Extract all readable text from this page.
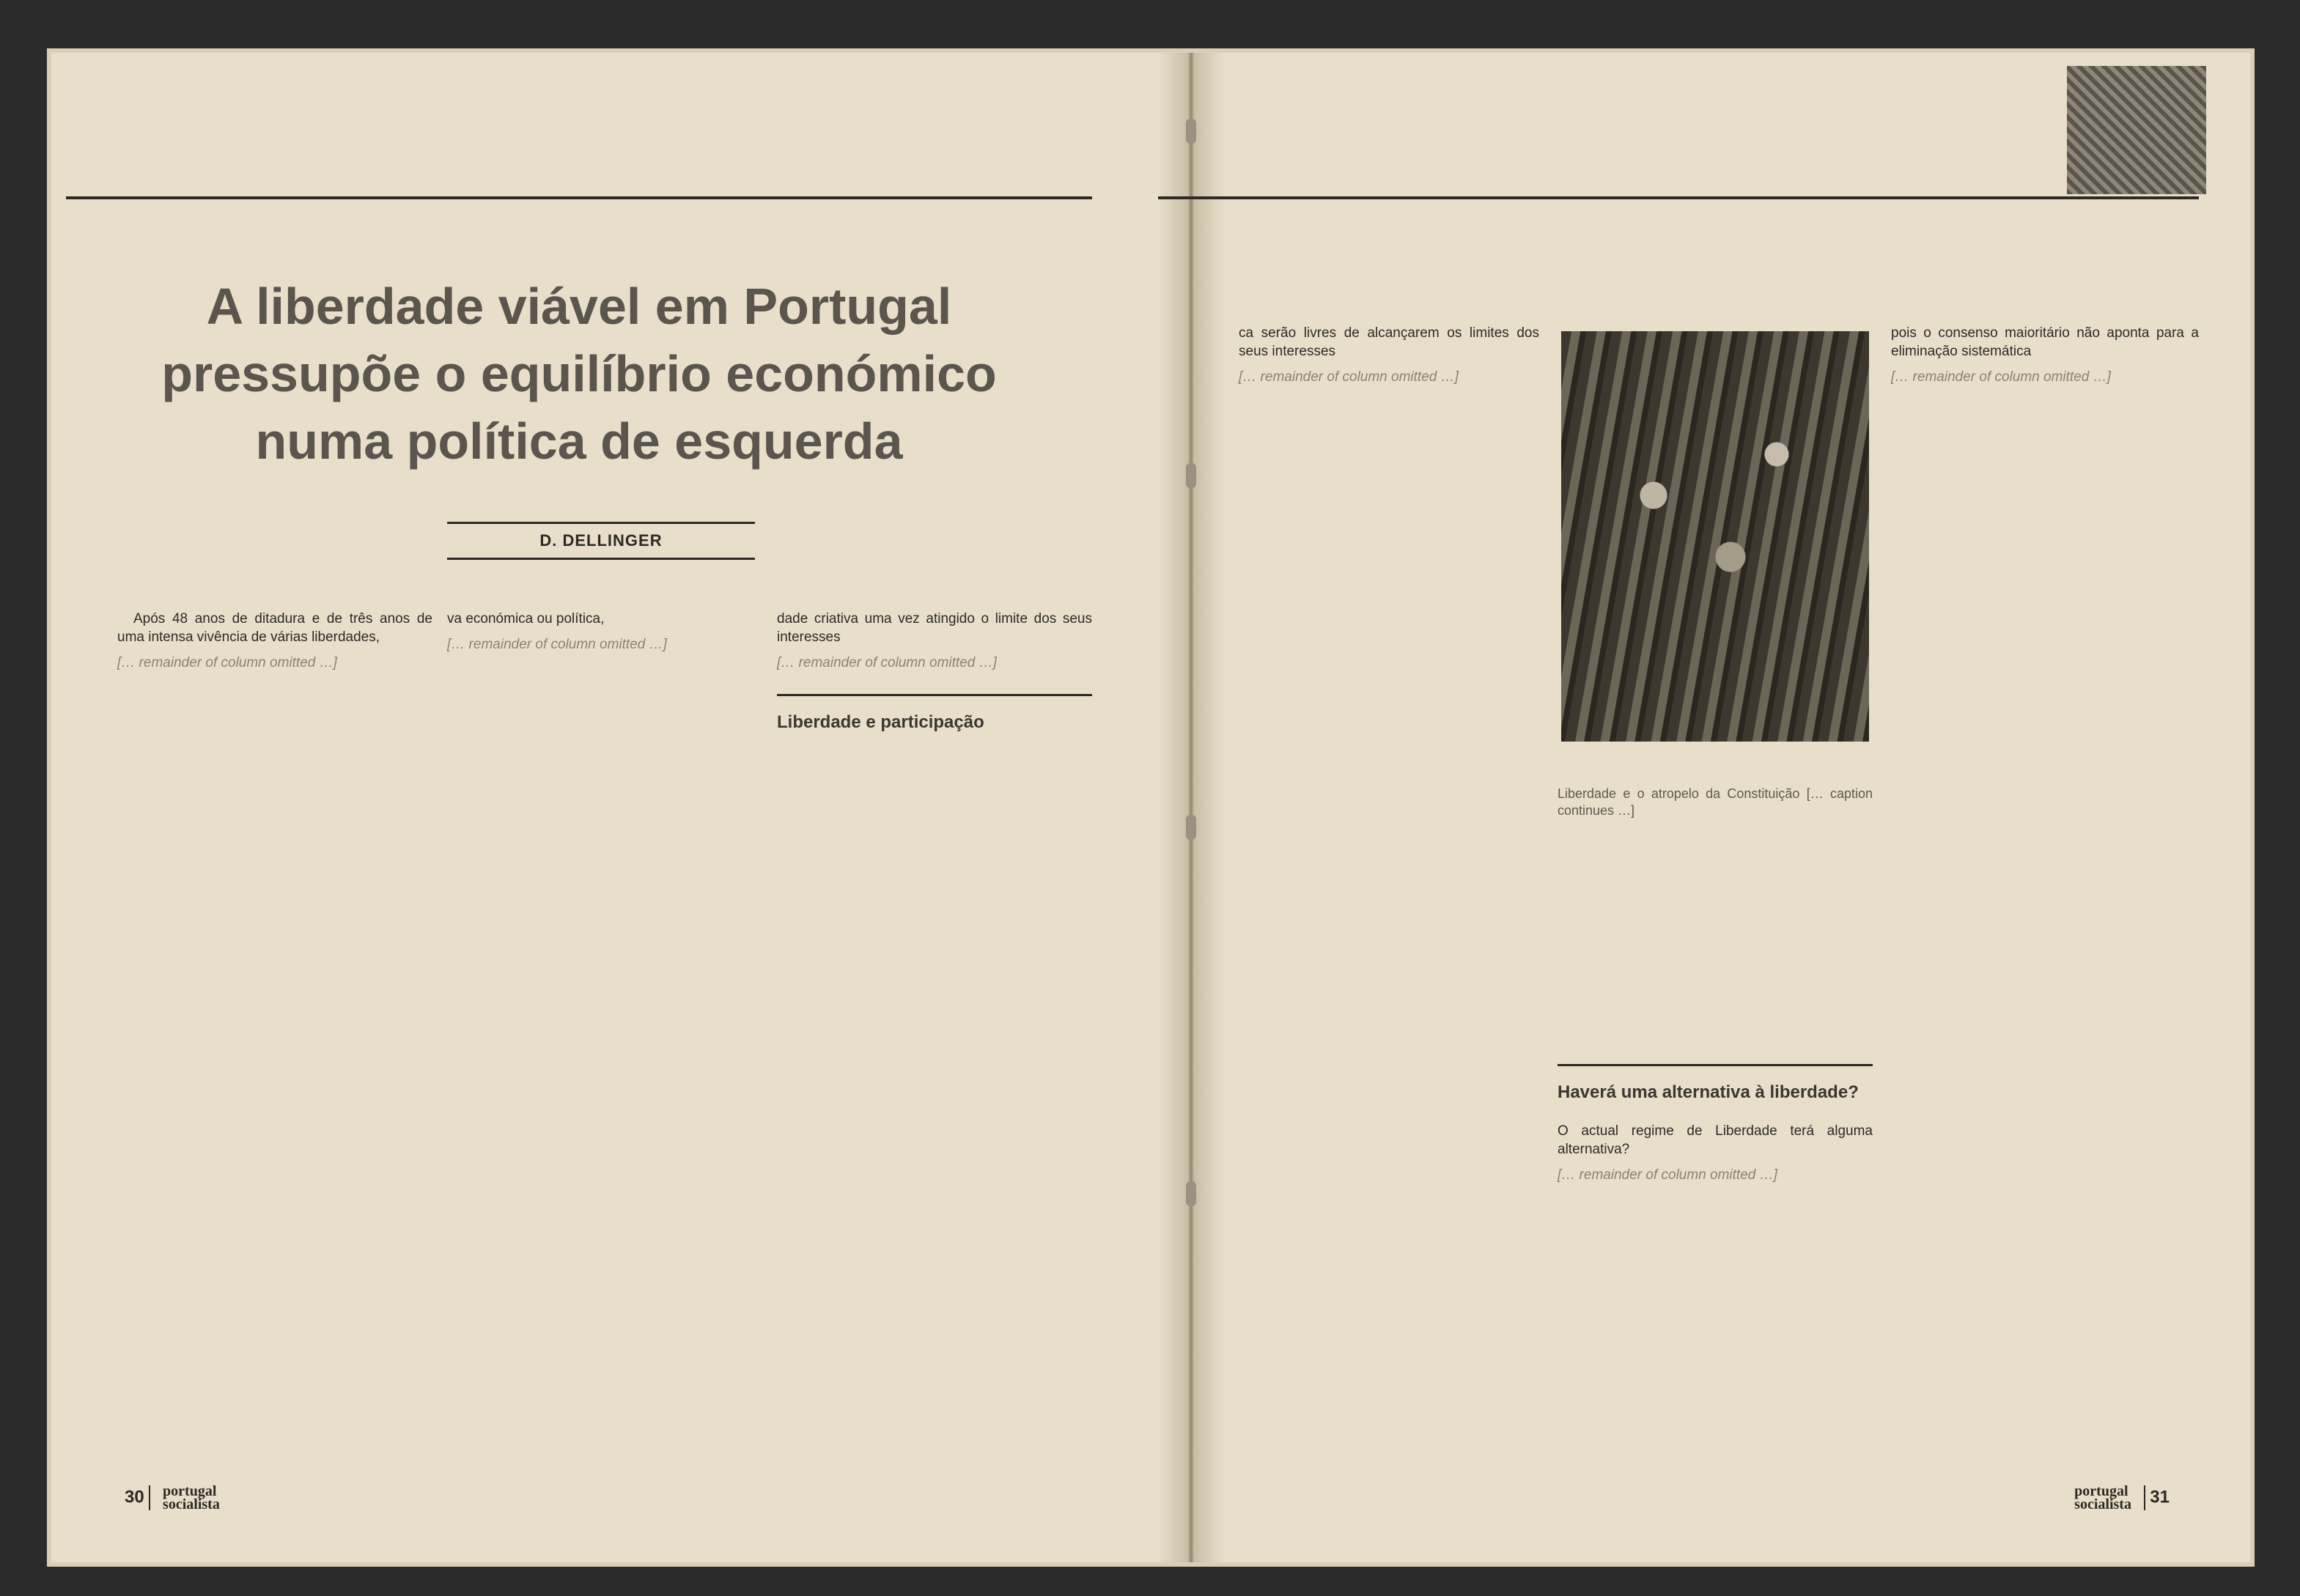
A liberdade viável em Portugal
pressupõe o equilíbrio económico
numa política de esquerda
D. DELLINGER
Após 48 anos de ditadura e de três anos de uma intensa vivência de várias liberdades,
[… remainder of column omitted …]
va económica ou política,
[… remainder of column omitted …]
dade criativa uma vez atingido o limite dos seus interesses
[… remainder of column omitted …]
Liberdade e participação
ca serão livres de alcançarem os limites dos seus interesses
[… remainder of column omitted …]
Liberdade e o atropelo da Constituição [… caption continues …]
Haverá uma alternativa à liberdade?
O actual regime de Liberdade terá alguma alternativa?
[… remainder of column omitted …]
pois o consenso maioritário não aponta para a eliminação sistemática
[… remainder of column omitted …]
30 portugal
socialista
portugal
socialista 31
